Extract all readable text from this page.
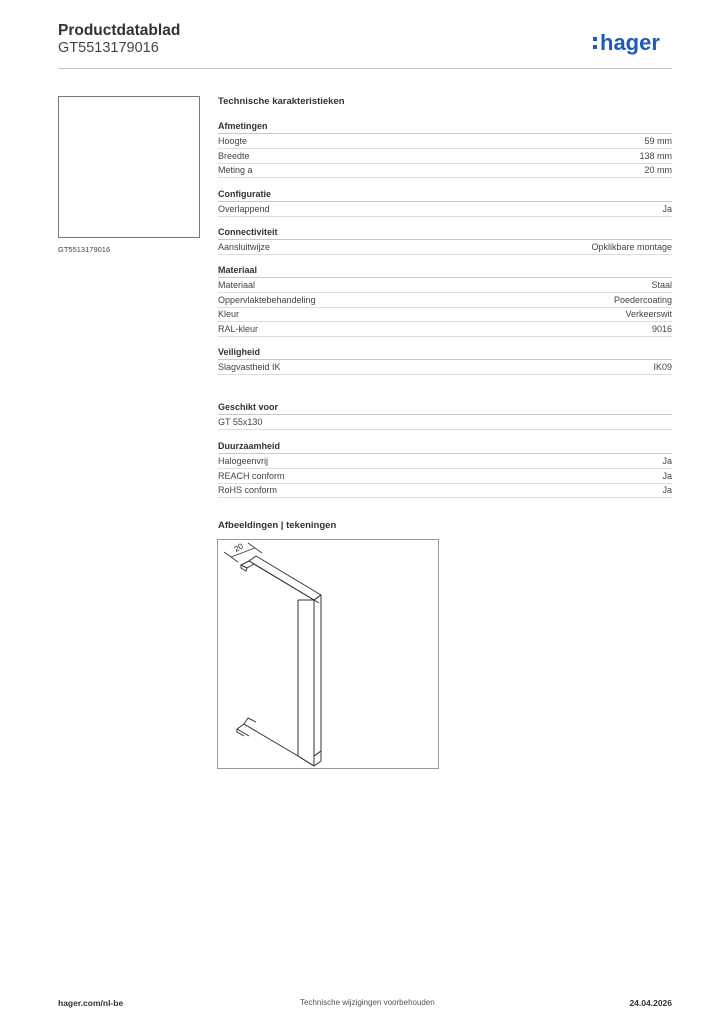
Productdatablad
GT5513179016	hager
GT5513179016
Technische karakteristieken
Afmetingen
Hoogte	59 mm
Breedte	138 mm
Meting a	20 mm
Configuratie
Overlappend	Ja
Connectiviteit
Aansluitwijze	Opklikbare montage
Materiaal
Materiaal	Staal
Oppervlaktebehandeling	Poedercoating
Kleur	Verkeerswit
RAL-kleur	9016
Veiligheid
Slagvastheid IK	IK09
Geschikt voor
GT 55x130
Duurzaamheid
Halogeenvrij	Ja
REACH conform	Ja
RoHS conform	Ja
Afbeeldingen | tekeningen
20
hager.com/nl-be	Technische wijzigingen voorbehouden	24.04.2026
